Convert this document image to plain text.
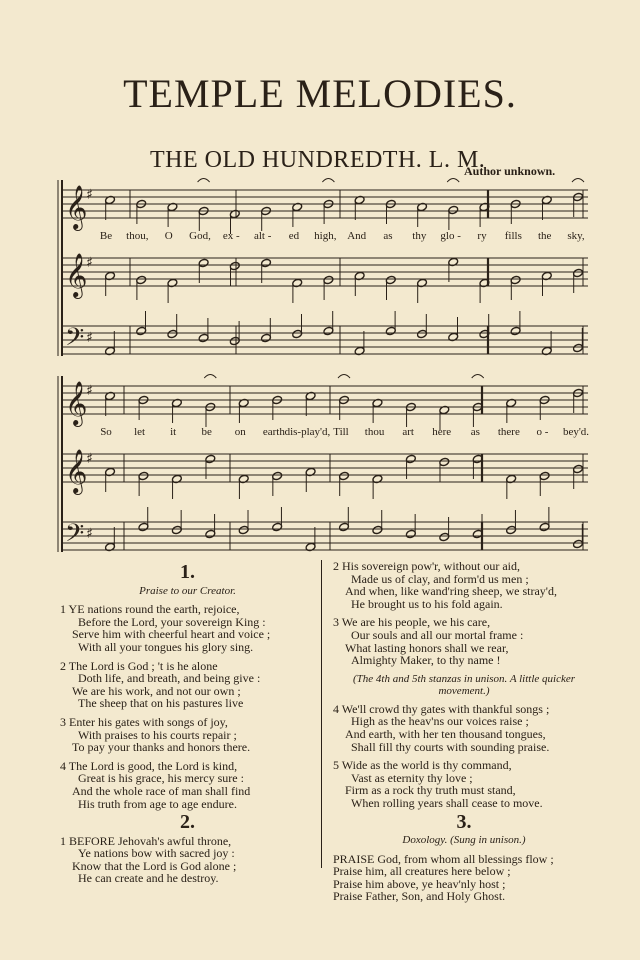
TEMPLE MELODIES.
THE OLD HUNDREDTH. L. M.
Author unknown.
𝄞
♯
𝄞
♯
𝄢 ♯
𝄞
♯
𝄞
♯
𝄢 ♯
Be thou, O God, ex - alt - ed high, And as thy glo - ry fills the sky,
So let it be on earth dis-play'd, Till thou art here as there o - bey'd.
1.
Praise to our Creator.
1 YE nations round the earth, rejoice,
Before the Lord, your sovereign King :
Serve him with cheerful heart and voice ;
With all your tongues his glory sing.
2 The Lord is God ; 't is he alone
Doth life, and breath, and being give :
We are his work, and not our own ;
The sheep that on his pastures live
3 Enter his gates with songs of joy,
With praises to his courts repair ;
To pay your thanks and honors there.
4 The Lord is good, the Lord is kind,
Great is his grace, his mercy sure :
And the whole race of man shall find
His truth from age to age endure.
2.
1 BEFORE Jehovah's awful throne,
Ye nations bow with sacred joy :
Know that the Lord is God alone ;
He can create and he destroy.
2 His sovereign pow'r, without our aid,
Made us of clay, and form'd us men ;
And when, like wand'ring sheep, we stray'd,
He brought us to his fold again.
3 We are his people, we his care,
Our souls and all our mortal frame :
What lasting honors shall we rear,
Almighty Maker, to thy name !
(The 4th and 5th stanzas in unison. A little quicker movement.)
4 We'll crowd thy gates with thankful songs ;
High as the heav'ns our voices raise ;
And earth, with her ten thousand tongues,
Shall fill thy courts with sounding praise.
5 Wide as the world is thy command,
Vast as eternity thy love ;
Firm as a rock thy truth must stand,
When rolling years shall cease to move.
3.
Doxology. (Sung in unison.)
PRAISE God, from whom all blessings flow ;
Praise him, all creatures here below ;
Praise him above, ye heav'nly host ;
Praise Father, Son, and Holy Ghost.
